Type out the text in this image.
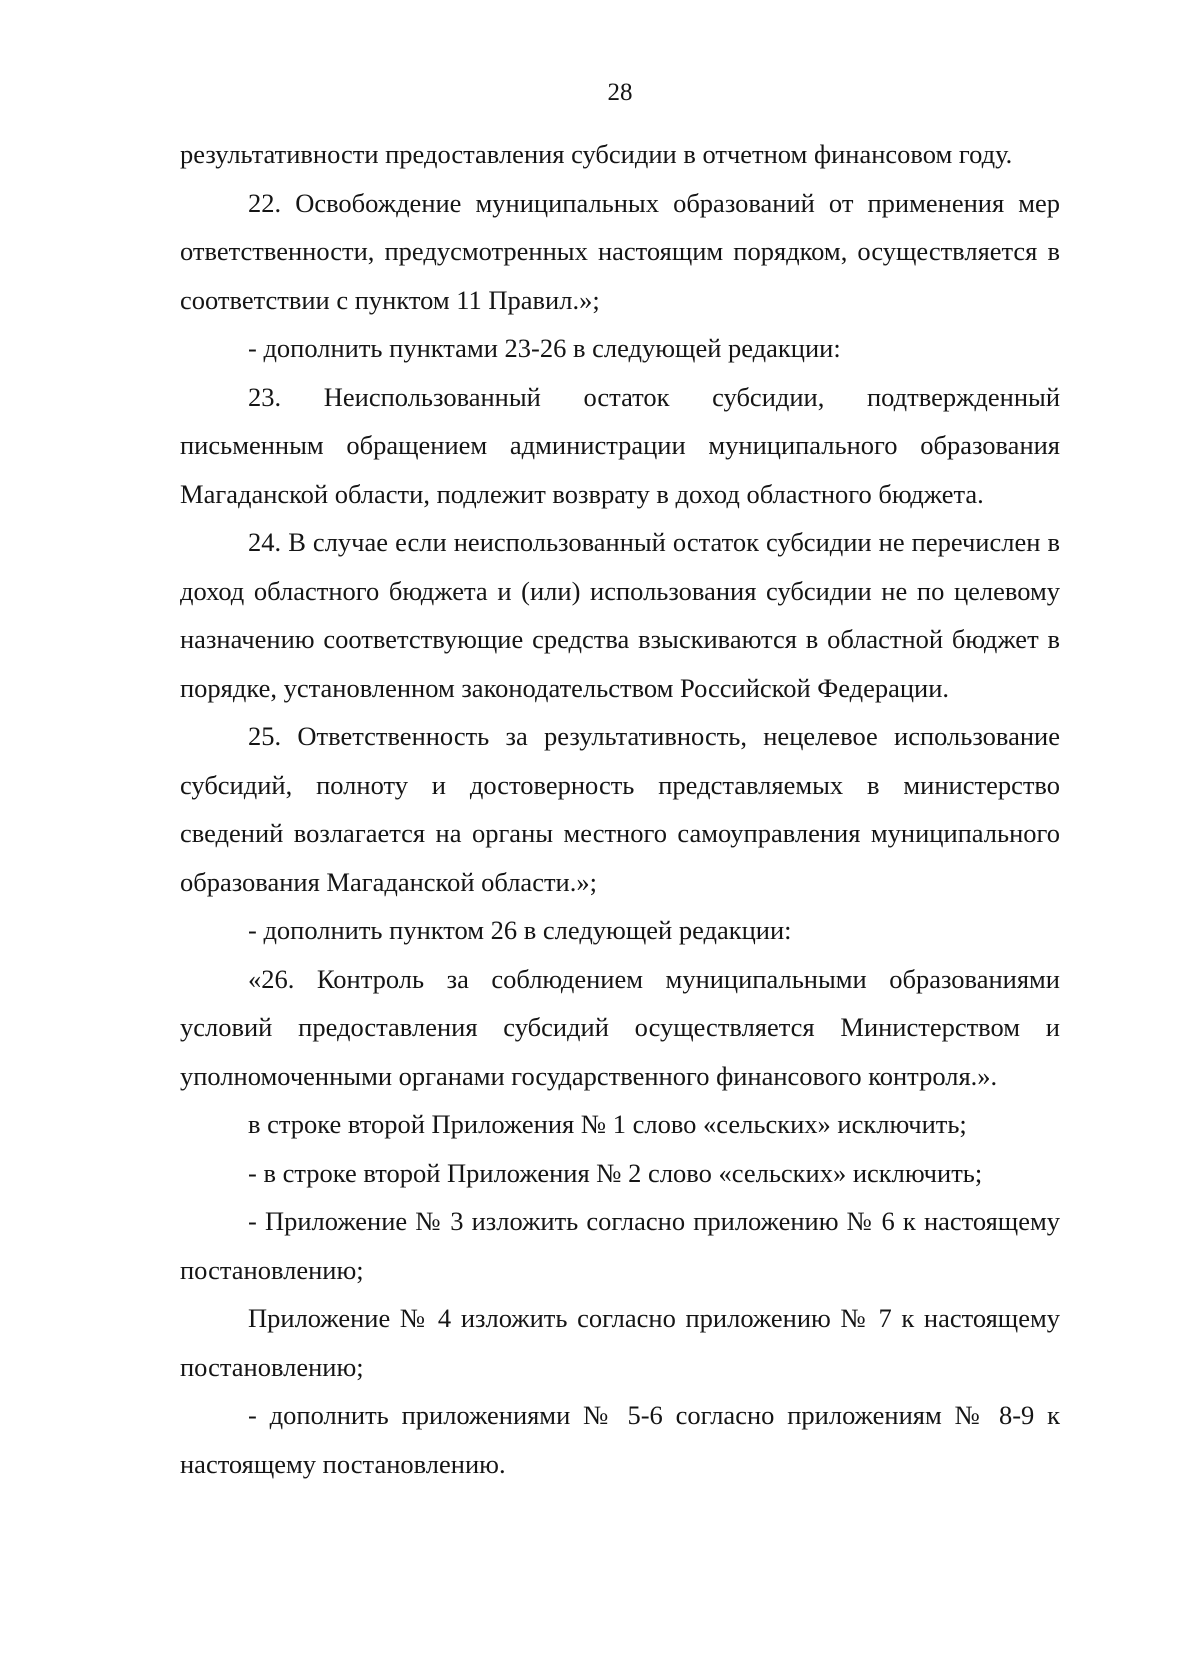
28

результативности предоставления субсидии в отчетном финансовом году.

22. Освобождение муниципальных образований от применения мер ответственности, предусмотренных настоящим порядком, осуществляется в соответствии с пунктом 11 Правил.»;

- дополнить пунктами 23-26 в следующей редакции:

23. Неиспользованный остаток субсидии, подтвержденный письменным обращением администрации муниципального образования Магаданской области, подлежит возврату в доход областного бюджета.

24. В случае если неиспользованный остаток субсидии не перечислен в доход областного бюджета и (или) использования субсидии не по целевому назначению соответствующие средства взыскиваются в областной бюджет в порядке, установленном законодательством Российской Федерации.

25. Ответственность за результативность, нецелевое использование субсидий, полноту и достоверность представляемых в министерство сведений возлагается на органы местного самоуправления муниципального образования Магаданской области.»;

- дополнить пунктом 26 в следующей редакции:

«26. Контроль за соблюдением муниципальными образованиями условий предоставления субсидий осуществляется Министерством и уполномоченными органами государственного финансового контроля.».

в строке второй Приложения № 1 слово «сельских» исключить;

- в строке второй Приложения № 2 слово «сельских» исключить;

- Приложение № 3 изложить согласно приложению № 6 к настоящему постановлению;

Приложение № 4 изложить согласно приложению № 7 к настоящему постановлению;

- дополнить приложениями № 5-6 согласно приложениям № 8-9 к настоящему постановлению.
